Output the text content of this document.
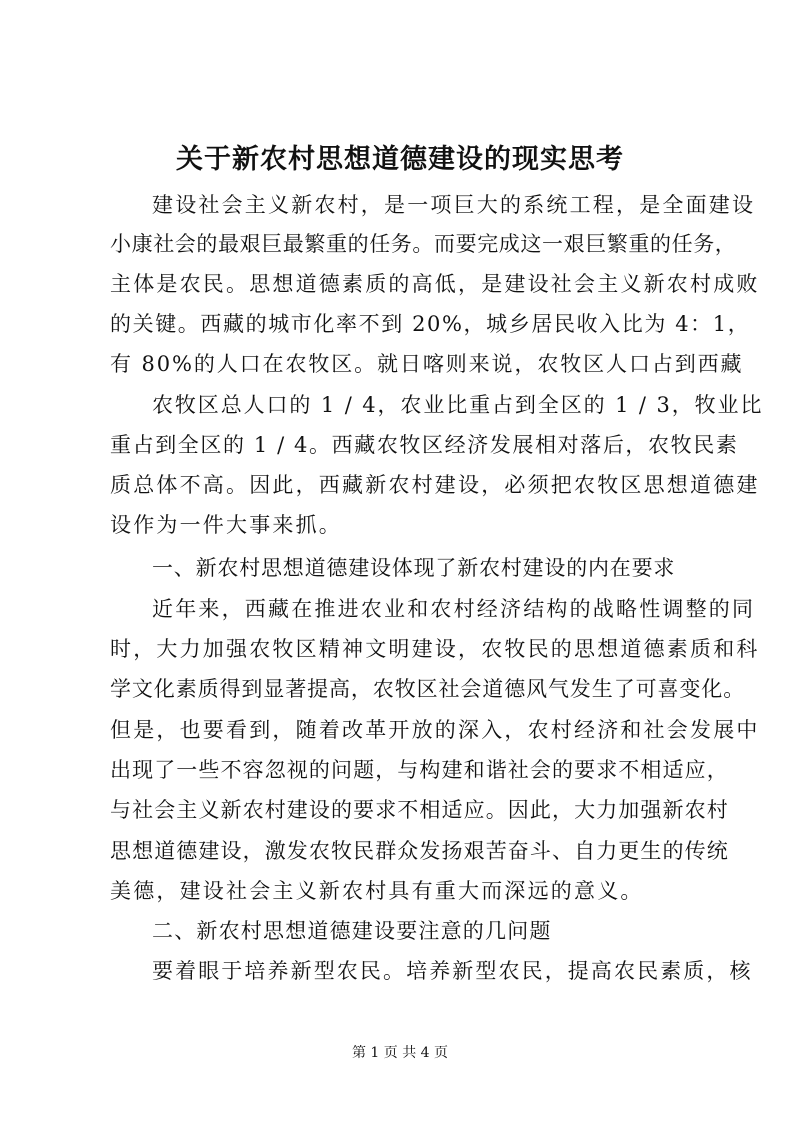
关于新农村思想道德建设的现实思考
建设社会主义新农村，是一项巨大的系统工程，是全面建设
小康社会的最艰巨最繁重的任务。而要完成这一艰巨繁重的任务，
主体是农民。思想道德素质的高低，是建设社会主义新农村成败
的关键。西藏的城市化率不到 20%，城乡居民收入比为 4：1，
有 80%的人口在农牧区。就日喀则来说，农牧区人口占到西藏
农牧区总人口的 1 / 4，农业比重占到全区的 1 / 3，牧业比
重占到全区的 1 / 4。西藏农牧区经济发展相对落后，农牧民素
质总体不高。因此，西藏新农村建设，必须把农牧区思想道德建
设作为一件大事来抓。
一、新农村思想道德建设体现了新农村建设的内在要求
近年来，西藏在推进农业和农村经济结构的战略性调整的同
时，大力加强农牧区精神文明建设，农牧民的思想道德素质和科
学文化素质得到显著提高，农牧区社会道德风气发生了可喜变化。
但是，也要看到，随着改革开放的深入，农村经济和社会发展中
出现了一些不容忽视的问题，与构建和谐社会的要求不相适应，
与社会主义新农村建设的要求不相适应。因此，大力加强新农村
思想道德建设，激发农牧民群众发扬艰苦奋斗、自力更生的传统
美德，建设社会主义新农村具有重大而深远的意义。
二、新农村思想道德建设要注意的几问题
要着眼于培养新型农民。培养新型农民，提高农民素质，核
第 1 页 共 4 页
